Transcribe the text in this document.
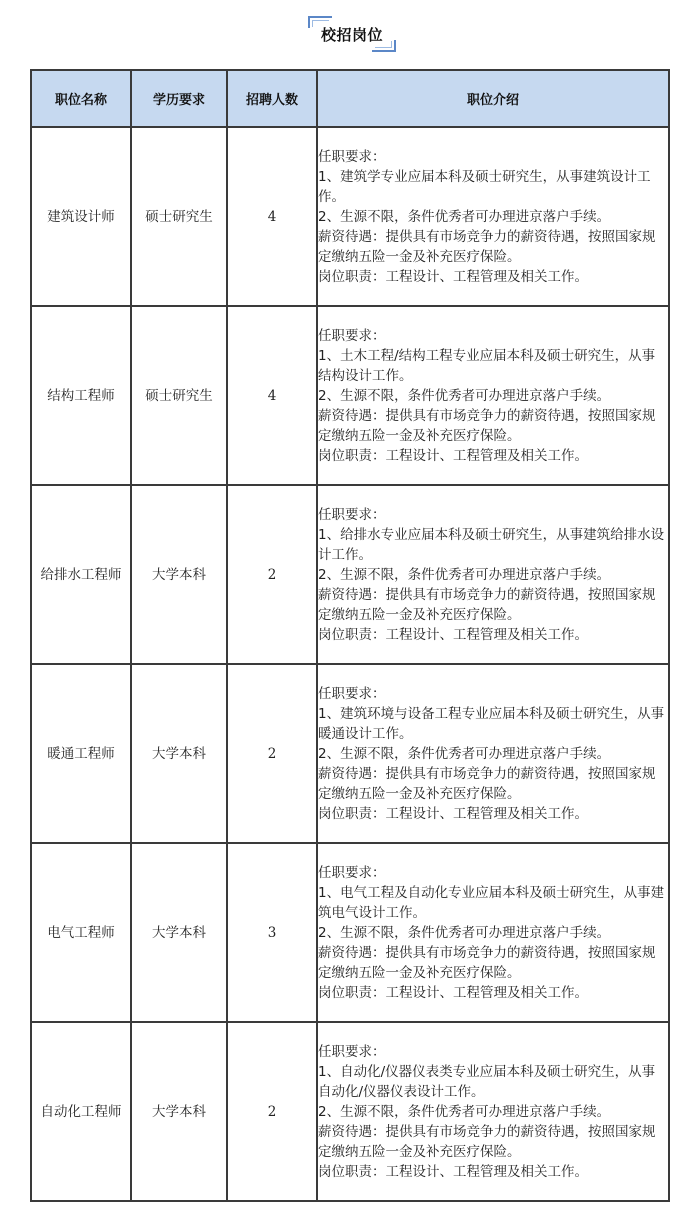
校招岗位
职位名称	学历要求	招聘人数	职位介绍
建筑设计师	硕士研究生	4	任职要求：
1、建筑学专业应届本科及硕士研究生，从事建筑设计工作。
2、生源不限，条件优秀者可办理进京落户手续。
薪资待遇：提供具有市场竞争力的薪资待遇，按照国家规定缴纳五险一金及补充医疗保险。
岗位职责：工程设计、工程管理及相关工作。

结构工程师	硕士研究生	4	任职要求：
1、土木工程/结构工程专业应届本科及硕士研究生，从事结构设计工作。
2、生源不限，条件优秀者可办理进京落户手续。
薪资待遇：提供具有市场竞争力的薪资待遇，按照国家规定缴纳五险一金及补充医疗保险。
岗位职责：工程设计、工程管理及相关工作。

给排水工程师	大学本科	2	任职要求：
1、给排水专业应届本科及硕士研究生，从事建筑给排水设计工作。
2、生源不限，条件优秀者可办理进京落户手续。
薪资待遇：提供具有市场竞争力的薪资待遇，按照国家规定缴纳五险一金及补充医疗保险。
岗位职责：工程设计、工程管理及相关工作。

暖通工程师	大学本科	2	任职要求：
1、建筑环境与设备工程专业应届本科及硕士研究生，从事暖通设计工作。
2、生源不限，条件优秀者可办理进京落户手续。
薪资待遇：提供具有市场竞争力的薪资待遇，按照国家规定缴纳五险一金及补充医疗保险。
岗位职责：工程设计、工程管理及相关工作。

电气工程师	大学本科	3	任职要求：
1、电气工程及自动化专业应届本科及硕士研究生，从事建筑电气设计工作。
2、生源不限，条件优秀者可办理进京落户手续。
薪资待遇：提供具有市场竞争力的薪资待遇，按照国家规定缴纳五险一金及补充医疗保险。
岗位职责：工程设计、工程管理及相关工作。

自动化工程师	大学本科	2	任职要求：
1、自动化/仪器仪表类专业应届本科及硕士研究生，从事自动化/仪器仪表设计工作。
2、生源不限，条件优秀者可办理进京落户手续。
薪资待遇：提供具有市场竞争力的薪资待遇，按照国家规定缴纳五险一金及补充医疗保险。
岗位职责：工程设计、工程管理及相关工作。
